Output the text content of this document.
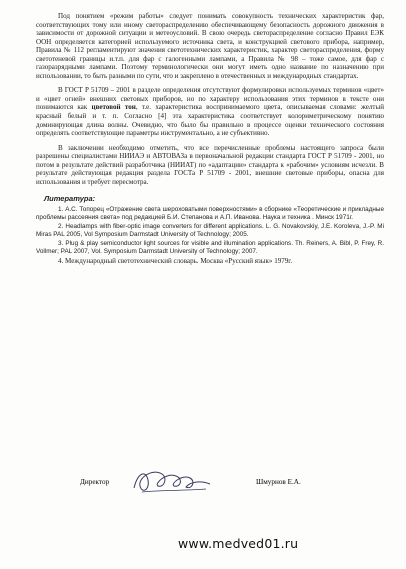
Под понятием «режим работы» следует понимать совокупность технических характеристик фар, соответствующих тому или иному светораспределению обеспечивающему безопасность дорожного движения в зависимости от дорожной ситуации и метеоусловий. В свою очередь светораспределение согласно Правил ЕЭК ООН определяется категорией используемого источника света, и конструкцией светового прибора, например, Правила № 112 регламентируют значения светотехнических характеристик, характер светораспределения, форму светотеневой границы и.т.п. для фар с галогенными лампами, а Правила № 98 – тоже самое, для фар с газоразрядными лампами. Поэтому терминологически они могут иметь одно название по назначению при использовании, то быть разными по сути, что и закреплено в отечественных и международных стандартах.

В ГОСТ Р 51709 – 2001 в разделе определения отсутствуют формулировки используемых терминов «цвет» и «цвет огней» внешних световых приборов, но по характеру использования этих терминов в тексте они понимаются как цветовой тон, т.е. характеристика воспринимаемого цвета, описываемая словами: желтый красный белый и т. п. Согласно [4] эта характеристика соответствует колориметрическому понятию доминирующая длина волны. Очевидно, что было бы правильно в процессе оценки технического состояния определять соответствующие параметры инструментально, а не субъективно.

В заключении необходимо отметить, что все перечисленные проблемы настоящего запроса были разрешены специалистами НИИАЭ и АВТОВАЗа в первоначальной редакции стандарта ГОСТ Р 51709 - 2001, но потом в результате действий разработчика (НИИАТ) по «адаптации» стандарта к «рабочим» условиям исчезли. В результате действующая редакция раздела ГОСТа Р 51709 - 2001, внешние световые приборы, опасна для использования и требует пересмотра.

Литература:

1. А.С. Топорец «Отражение света шероховатыми поверхностями» в сборнике «Теоретические и прикладные проблемы рассеяния света» под редакцией Б.И. Степанова и А.П. Иванова. Наука и техника . Минск 1971г.

2. Headlamps with fiber-optic image converters for different applications. L. G. Novakovskiy, J.E. Koroleva, J.-P. Mi Miras PAL 2005, Vol Symposium Darmstadt University of Technology; 2005.

3. Plug & play semiconductor light sources for visible and illumination applications. Th. Reiners, A. Bibl, P. Frey, R. Vollmer; PAL 2007, Vol. Symposium Darmstadt University of Technology; 2007.

4. Международный светотехнический словарь. Москва «Русский язык» 1979г.

Директор	Шмурнов Е.А.
www.medved01.ru
